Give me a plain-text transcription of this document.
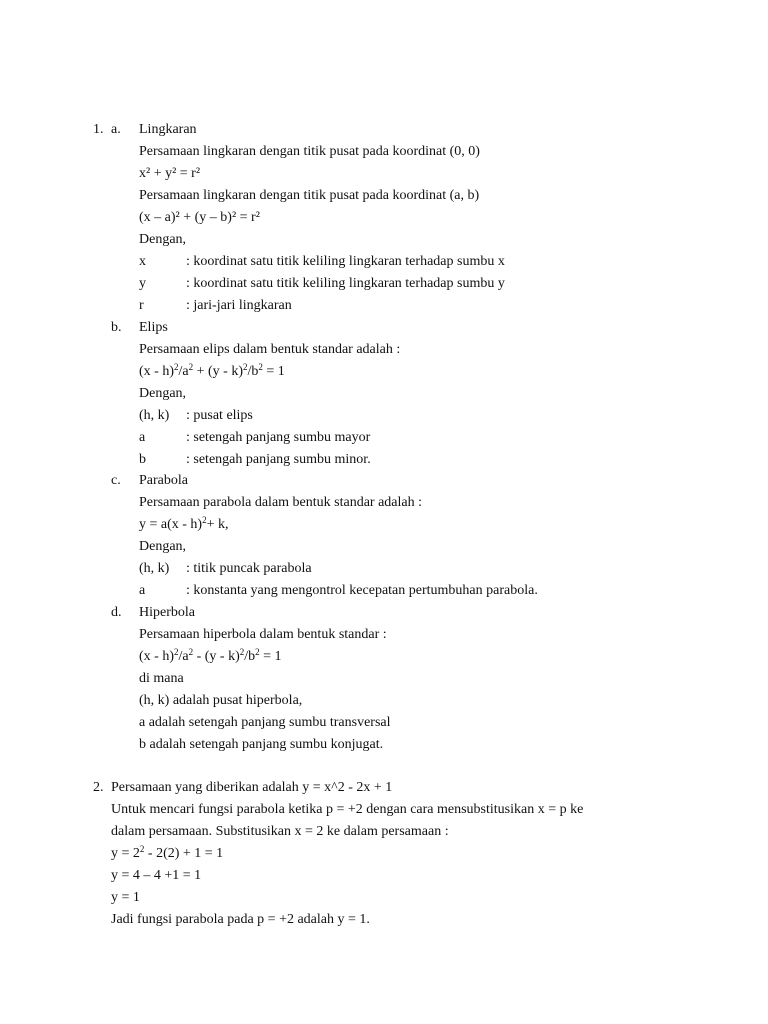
1. a. Lingkaran
Persamaan lingkaran dengan titik pusat pada koordinat (0, 0)
x² + y² = r²
Persamaan lingkaran dengan titik pusat pada koordinat (a, b)
(x – a)² + (y – b)² = r²
Dengan,
x	: koordinat satu titik keliling lingkaran terhadap sumbu x
y	: koordinat satu titik keliling lingkaran terhadap sumbu y
r	: jari-jari lingkaran
b. Elips
Persamaan elips dalam bentuk standar adalah :
$(x - h)^2/a^2 + (y - k)^2/b^2 = 1$
Dengan,
(h, k) : pusat elips
a	: setengah panjang sumbu mayor
b	: setengah panjang sumbu minor.
c. Parabola
Persamaan parabola dalam bentuk standar adalah :
y = a(x - h)$^2$+ k,
Dengan,
(h, k) : titik puncak parabola
a	: konstanta yang mengontrol kecepatan pertumbuhan parabola.
d. Hiperbola
Persamaan hiperbola dalam bentuk standar :
$(x - h)^2/a^2 - (y - k)^2/b^2 = 1$
di mana
(h, k) adalah pusat hiperbola,
a adalah setengah panjang sumbu transversal
b adalah setengah panjang sumbu konjugat.
2. Persamaan yang diberikan adalah y = x^2 - 2x + 1
Untuk mencari fungsi parabola ketika p = +2 dengan cara mensubstitusikan x = p ke
dalam persamaan. Substitusikan x = 2 ke dalam persamaan :
$y = 2^2 - 2(2) + 1 = 1$
y = 4 – 4 +1 = 1
y = 1
Jadi fungsi parabola pada p = +2 adalah y = 1.
